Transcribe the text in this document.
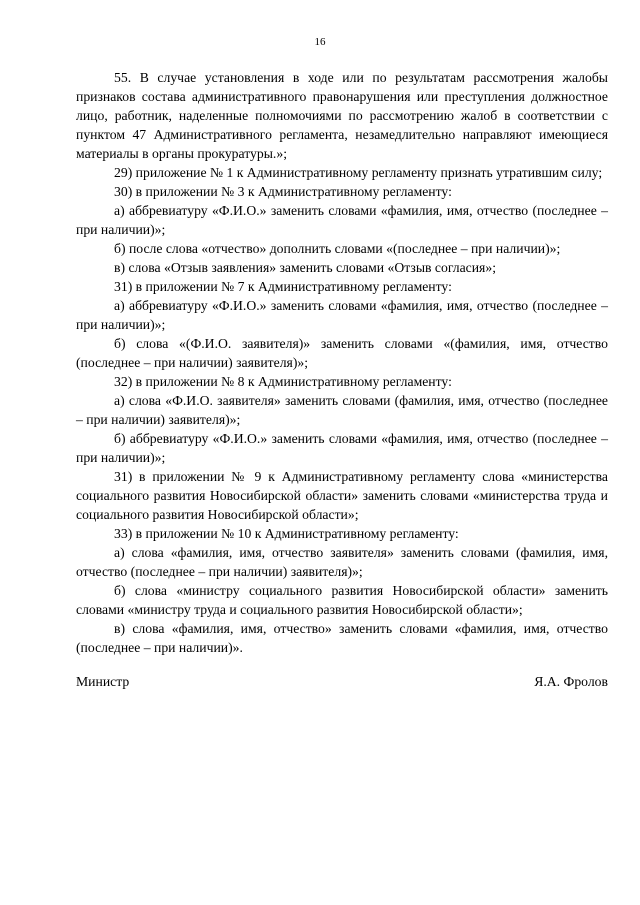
16

55. В случае установления в ходе или по результатам рассмотрения жалобы признаков состава административного правонарушения или преступления должностное лицо, работник, наделенные полномочиями по рассмотрению жалоб в соответствии с пунктом 47 Административного регламента, незамедлительно направляют имеющиеся материалы в органы прокуратуры.»;

29) приложение № 1 к Административному регламенту признать утратившим силу;

30) в приложении № 3 к Административному регламенту:

а) аббревиатуру «Ф.И.О.» заменить словами «фамилия, имя, отчество (последнее – при наличии)»;

б) после слова «отчество» дополнить словами «(последнее – при наличии)»;

в) слова «Отзыв заявления» заменить словами «Отзыв согласия»;

31) в приложении № 7 к Административному регламенту:

а) аббревиатуру «Ф.И.О.» заменить словами «фамилия, имя, отчество (последнее – при наличии)»;

б) слова «(Ф.И.О. заявителя)» заменить словами «(фамилия, имя, отчество (последнее – при наличии) заявителя)»;

32) в приложении № 8 к Административному регламенту:

а) слова «Ф.И.О. заявителя» заменить словами (фамилия, имя, отчество (последнее – при наличии) заявителя)»;

б) аббревиатуру «Ф.И.О.» заменить словами «фамилия, имя, отчество (последнее – при наличии)»;

31) в приложении № 9 к Административному регламенту слова «министерства социального развития Новосибирской области» заменить словами «министерства труда и социального развития Новосибирской области»;

33) в приложении № 10 к Административному регламенту:

а) слова «фамилия, имя, отчество заявителя» заменить словами (фамилия, имя, отчество (последнее – при наличии) заявителя)»;

б) слова «министру социального развития Новосибирской области» заменить словами «министру труда и социального развития Новосибирской области»;

в) слова «фамилия, имя, отчество» заменить словами «фамилия, имя, отчество (последнее – при наличии)».

Министр	Я.А. Фролов
